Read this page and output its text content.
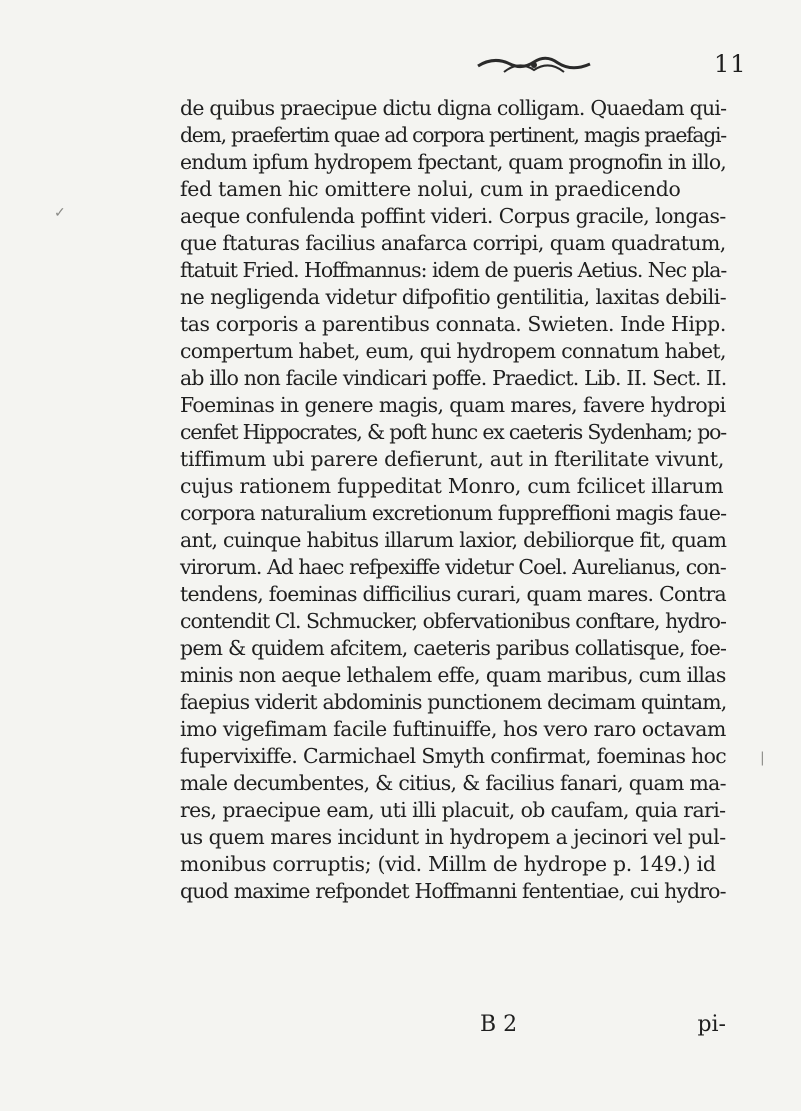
11
de quibus praecipue dictu digna colligam. Quaedam qui-
dem, praefertim quae ad corpora pertinent, magis praefagi-
endum ipfum hydropem fpectant, quam prognofin in illo,
fed tamen hic omittere nolui, cum in praedicendo
aeque confulenda poffint videri. Corpus gracile, longas-
que ftaturas facilius anafarca corripi, quam quadratum,
ftatuit Fried. Hoffmannus: idem de pueris Aetius. Nec pla-
ne negligenda videtur difpofitio gentilitia, laxitas debili-
tas corporis a parentibus connata. Swieten. Inde Hipp.
compertum habet, eum, qui hydropem connatum habet,
ab illo non facile vindicari poffe. Praedict. Lib. II. Sect. II.
Foeminas in genere magis, quam mares, favere hydropi
cenfet Hippocrates, & poft hunc ex caeteris Sydenham; po-
tiffimum ubi parere defierunt, aut in fterilitate vivunt,
cujus rationem fuppeditat Monro, cum fcilicet illarum
corpora naturalium excretionum fuppreffioni magis faue-
ant, cuinque habitus illarum laxior, debiliorque fit, quam
virorum. Ad haec refpexiffe videtur Coel. Aurelianus, con-
tendens, foeminas difficilius curari, quam mares. Contra
contendit Cl. Schmucker, obfervationibus conftare, hydro-
pem & quidem afcitem, caeteris paribus collatisque, foe-
minis non aeque lethalem effe, quam maribus, cum illas
faepius viderit abdominis punctionem decimam quintam,
imo vigefimam facile fuftinuiffe, hos vero raro octavam
fupervixiffe. Carmichael Smyth confirmat, foeminas hoc
male decumbentes, & citius, & facilius fanari, quam ma-
res, praecipue eam, uti illi placuit, ob caufam, quia rari-
us quem mares incidunt in hydropem a jecinori vel pul-
monibus corruptis; (vid. Millm de hydrope p. 149.) id
quod maxime refpondet Hoffmanni fententiae, cui hydro-
B 2	pi-
✓
|
